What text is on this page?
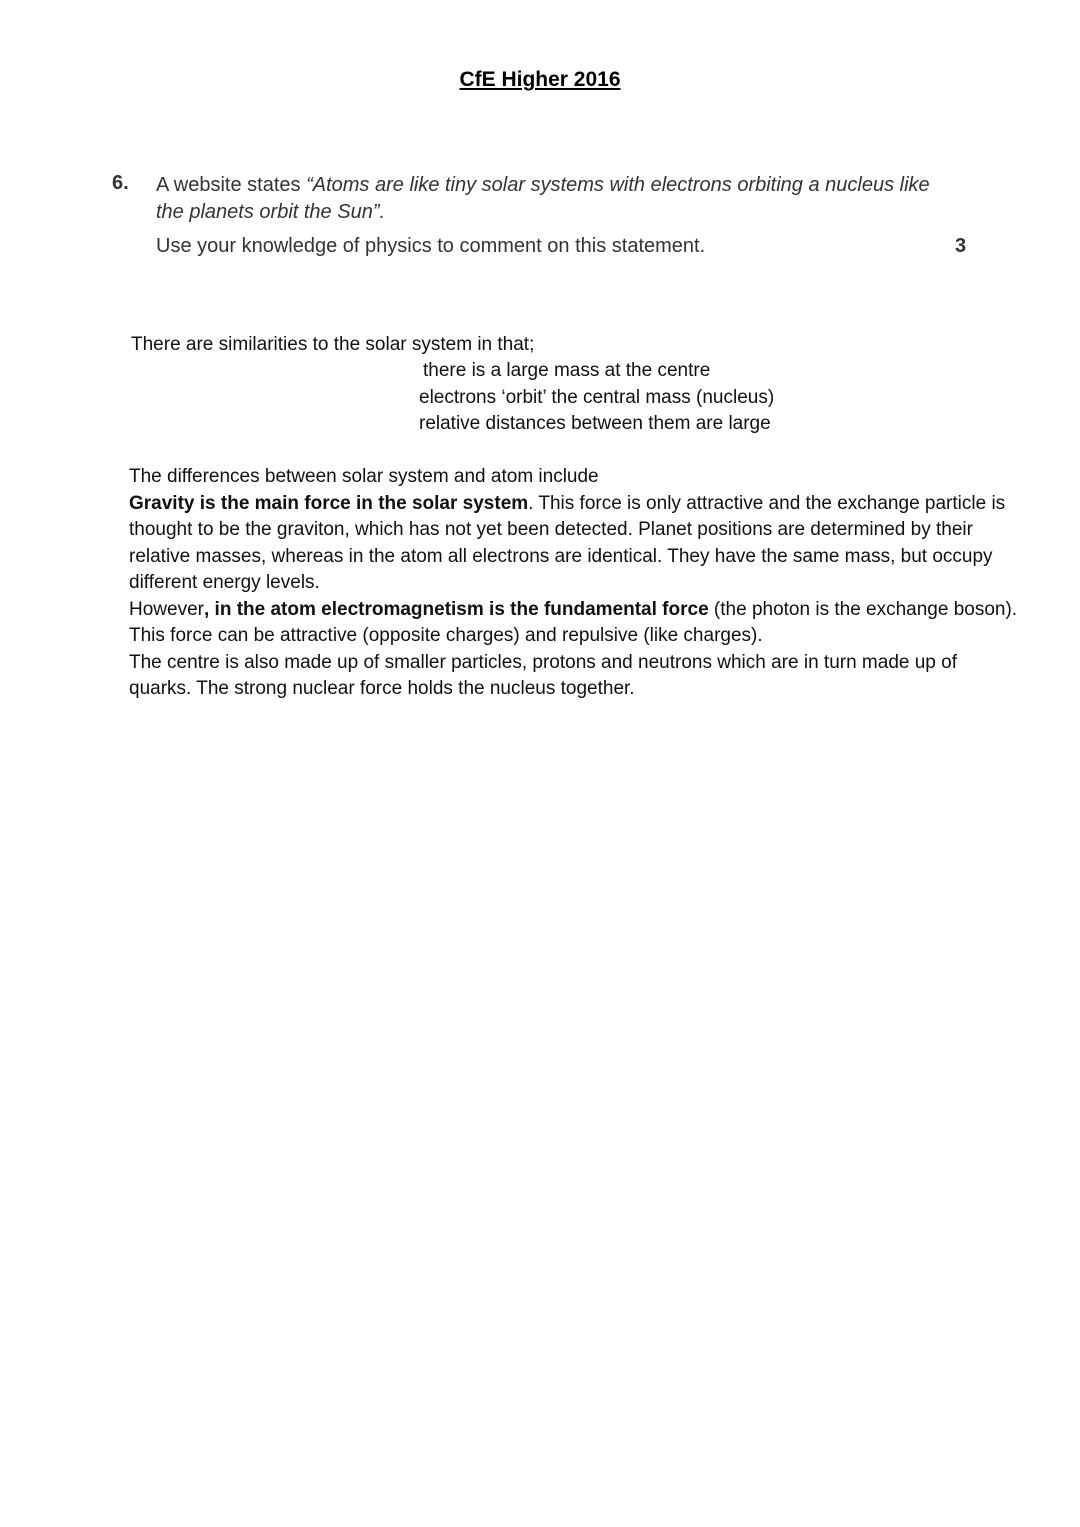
CfE Higher 2016
6. A website states “Atoms are like tiny solar systems with electrons orbiting a nucleus like the planets orbit the Sun”.
Use your knowledge of physics to comment on this statement.	3
There are similarities to the solar system in that;
there is a large mass at the centre
electrons ‘orbit’ the central mass (nucleus)
relative distances between them are large

The differences between solar system and atom include

Gravity is the main force in the solar system. This force is only attractive and the exchange particle is thought to be the graviton, which has not yet been detected. Planet positions are determined by their relative masses, whereas in the atom all electrons are identical. They have the same mass, but occupy different energy levels.

However, in the atom electromagnetism is the fundamental force (the photon is the exchange boson). This force can be attractive (opposite charges) and repulsive (like charges).

The centre is also made up of smaller particles, protons and neutrons which are in turn made up of quarks. The strong nuclear force holds the nucleus together.
